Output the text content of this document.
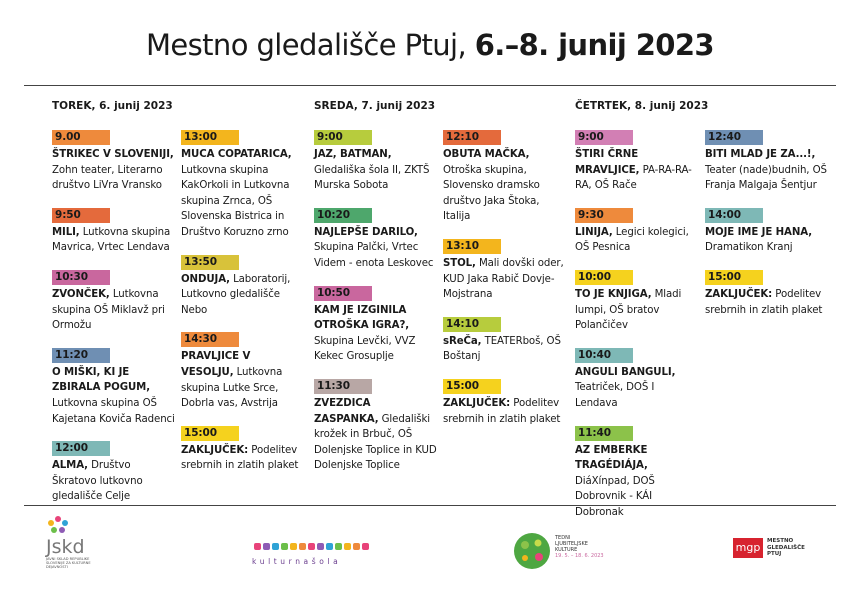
Mestno gledališče Ptuj, 6.–8. junij 2023
TOREK, 6. junij 2023	SREDA, 7. junij 2023	ČETRTEK, 8. junij 2023
9.00
ŠTRIKEC V SLOVENIJI, Zohn teater, Literarno društvo LiVra Vransko
9:50
MILI, Lutkovna skupina Mavrica, Vrtec Lendava
10:30
ZVONČEK, Lutkovna skupina OŠ Miklavž pri Ormožu
11:20
O MIŠKI, KI JE ZBIRALA POGUM, Lutkovna skupina OŠ Kajetana Koviča Radenci
12:00
ALMA, Društvo Škratovo lutkovno gledališče Celje
13:00
MUCA COPATARICA, Lutkovna skupina KakOrkoli in Lutkovna skupina Zrnca, OŠ Slovenska Bistrica in Društvo Koruzno zrno
13:50
ONDUJA, Laboratorij, Lutkovno gledališče Nebo
14:30
PRAVLJICE V VESOLJU, Lutkovna skupina Lutke Srce, Dobrla vas, Avstrija
15:00
ZAKLJUČEK: Podelitev srebrnih in zlatih plaket
9:00
JAZ, BATMAN, Gledališka šola II, ZKTŠ Murska Sobota
10:20
NAJLEPŠE DARILO, Skupina Palčki, Vrtec Videm - enota Leskovec
10:50
KAM JE IZGINILA OTROŠKA IGRA?, Skupina Levčki, VVZ Kekec Grosuplje
11:30
ZVEZDICA ZASPANKA, Gledališki krožek in Brbuč, OŠ Dolenjske Toplice in KUD Dolenjske Toplice
12:10
OBUTA MAČKA, Otroška skupina, Slovensko dramsko društvo Jaka Štoka, Italija
13:10
STOL, Mali dovški oder, KUD Jaka Rabič Dovje-Mojstrana
14:10
sReČa, TEATERboš, OŠ Boštanj
15:00
ZAKLJUČEK: Podelitev srebrnih in zlatih plaket
9:00
ŠTIRI ČRNE MRAVLJICE, PA-RA-RA-RA, OŠ Rače
9:30
LINIJA, Legici kolegici, OŠ Pesnica
10:00
TO JE KNJIGA, Mladi lumpi, OŠ bratov Polančičev
10:40
ANGULI BANGULI, Teatriček, DOŠ I Lendava
11:40
AZ EMBERKE TRAGÉDIÁJA, DiáXínpad, DOŠ Dobrovnik - KÁI Dobronak
12:40
BITI MLAD JE ZA...!, Teater (nade)budnih, OŠ Franja Malgaja Šentjur
14:00
MOJE IME JE HANA, Dramatikon Kranj
15:00
ZAKLJUČEK: Podelitev srebrnih in zlatih plaket
Jskd
JAVNI SKLAD REPUBLIKE SLOVENIJE ZA KULTURNE DEJAVNOSTI
kulturnašola
TEDNI
LJUBITELJSKE
KULTURE
19. 5. – 18. 6. 2023
mgp	MESTNO
GLEDALIŠČE
PTUJ
